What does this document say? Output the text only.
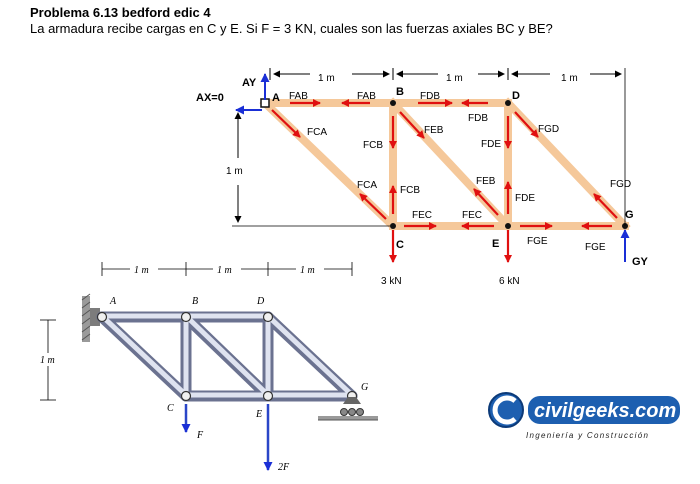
Problema 6.13 bedford edic 4
La armadura recibe cargas en C y E. Si F = 3 KN, cuales son las fuerzas axiales BC y BE?
1 m	1 m	1 m
1 m
AY
AX=0
GY
A	B	D
C	E
G
3 kN	6 kN
FAB	FAB	FDB
FDB
FCA
FCA
FCB
FCB
FEB
FEB
FDE
FDE
FGD
FGD
FEC	FEC
FGE
FGE
1 m	1 m	1 m
1 m
A	B	D
C
E
G
F
2F
civilgeeks.com
Ingeniería y Construcción
